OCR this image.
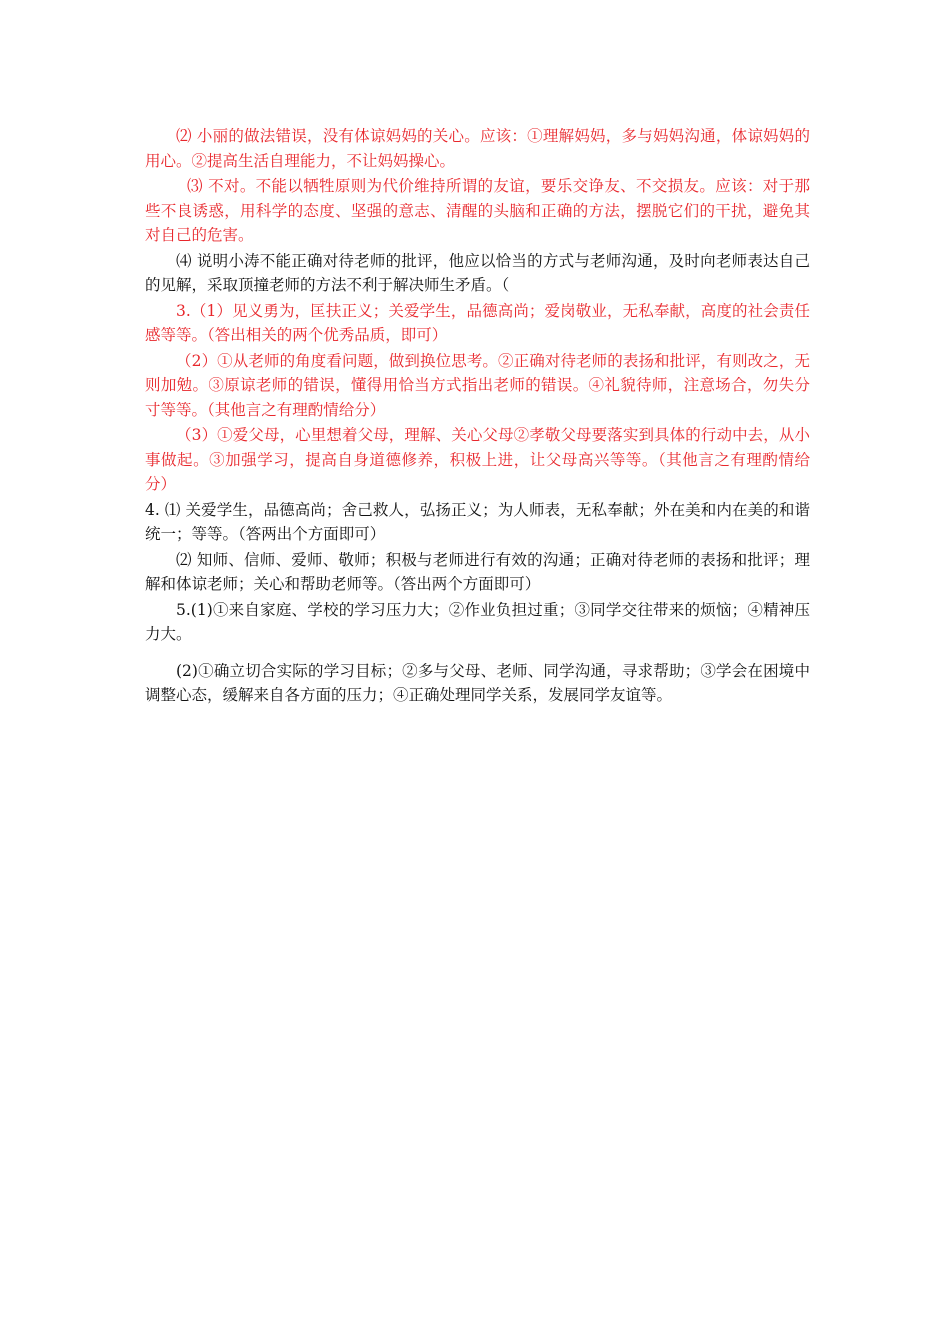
⑵ 小丽的做法错误，没有体谅妈妈的关心。应该：①理解妈妈，多与妈妈沟通，体谅妈妈的用心。②提高生活自理能力，不让妈妈操心。

⑶ 不对。不能以牺牲原则为代价维持所谓的友谊，要乐交诤友、不交损友。应该：对于那些不良诱惑，用科学的态度、坚强的意志、清醒的头脑和正确的方法，摆脱它们的干扰，避免其对自己的危害。

⑷ 说明小涛不能正确对待老师的批评，他应以恰当的方式与老师沟通，及时向老师表达自己的见解，采取顶撞老师的方法不利于解决师生矛盾。（

3.（1）见义勇为，匡扶正义；关爱学生，品德高尚；爱岗敬业，无私奉献，高度的社会责任感等等。（答出相关的两个优秀品质，即可）

（2）①从老师的角度看问题，做到换位思考。②正确对待老师的表扬和批评，有则改之，无则加勉。③原谅老师的错误，懂得用恰当方式指出老师的错误。④礼貌待师，注意场合，勿失分寸等等。（其他言之有理酌情给分）

（3）①爱父母，心里想着父母，理解、关心父母②孝敬父母要落实到具体的行动中去，从小事做起。③加强学习，提高自身道德修养，积极上进，让父母高兴等等。（其他言之有理酌情给分）

4. ⑴ 关爱学生，品德高尚；舍己救人，弘扬正义；为人师表，无私奉献；外在美和内在美的和谐统一；等等。（答两出个方面即可）

⑵ 知师、信师、爱师、敬师；积极与老师进行有效的沟通；正确对待老师的表扬和批评；理解和体谅老师；关心和帮助老师等。（答出两个方面即可）

5.(1)①来自家庭、学校的学习压力大；②作业负担过重；③同学交往带来的烦恼；④精神压力大。

(2)①确立切合实际的学习目标；②多与父母、老师、同学沟通，寻求帮助；③学会在困境中调整心态，缓解来自各方面的压力；④正确处理同学关系，发展同学友谊等。
